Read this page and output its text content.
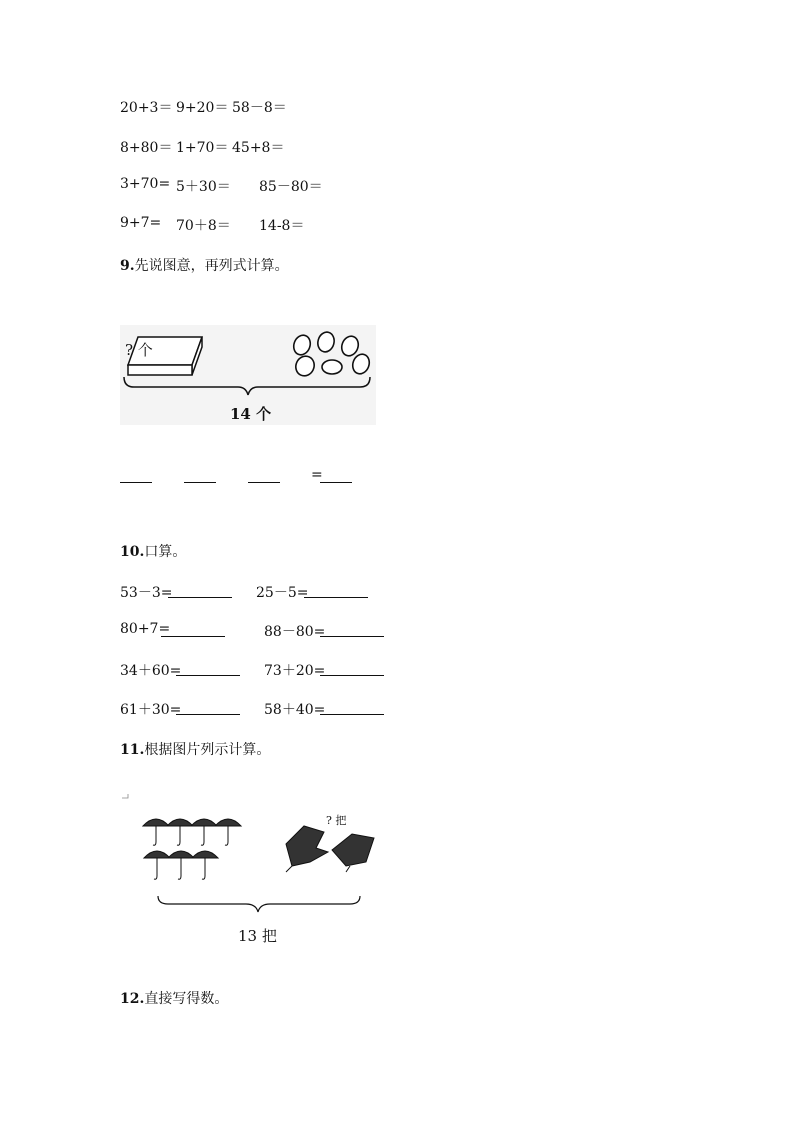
20+3＝ 9+20＝ 58－8＝
8+80＝ 1+70＝ 45+8＝
3+70= 5＋30＝ 85－80＝
9+7= 70＋8＝ 14-8＝
9.先说图意，再列式计算。
? 个
14 个
=
10.口算。
53－3=	25－5=
80+7=	88－80=
34＋60=	73＋20=
61＋30=	58＋40=
11.根据图片列示计算。
? 把
13 把
12.直接写得数。
